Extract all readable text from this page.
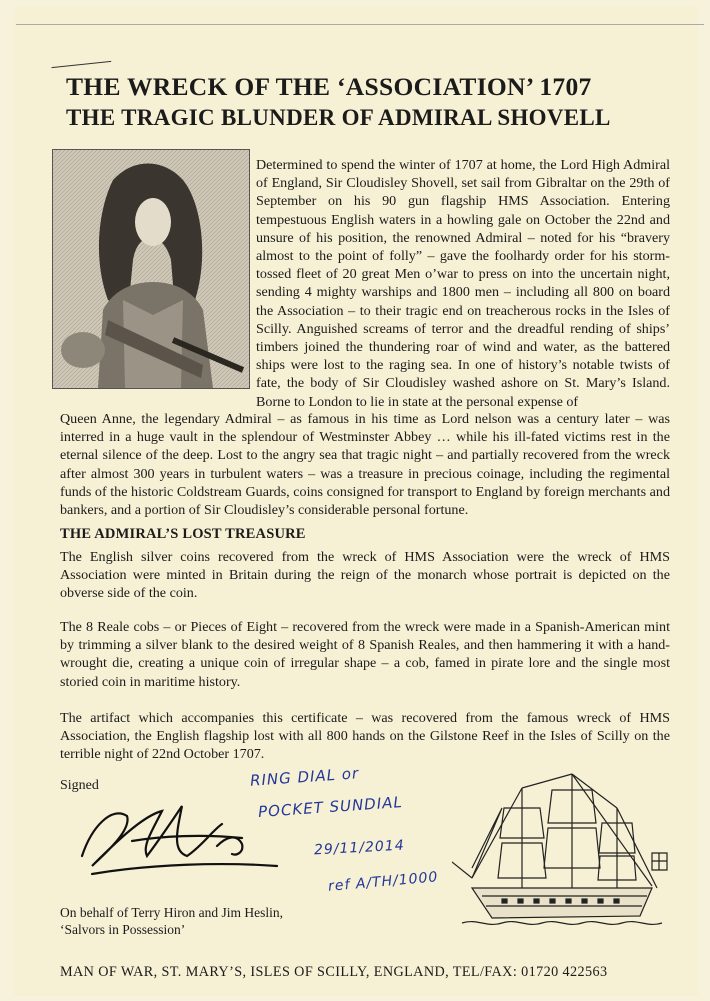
THE WRECK OF THE ‘ASSOCIATION’ 1707
THE TRAGIC BLUNDER OF ADMIRAL SHOVELL
Determined to spend the winter of 1707 at home, the Lord High Admiral of England, Sir Cloudisley Shovell, set sail from Gibraltar on the 29th of September on his 90 gun flagship HMS Association. Entering tempestuous English waters in a howling gale on October the 22nd and unsure of his position, the renowned Admiral – noted for his “bravery almost to the point of folly” – gave the foolhardy order for his storm-tossed fleet of 20 great Men o’war to press on into the uncertain night, sending 4 mighty warships and 1800 men – including all 800 on board the Association – to their tragic end on treacherous rocks in the Isles of Scilly. Anguished screams of terror and the dreadful rending of ships’ timbers joined the thundering roar of wind and water, as the battered ships were lost to the raging sea. In one of history’s notable twists of fate, the body of Sir Cloudisley washed ashore on St. Mary’s Island. Borne to London to lie in state at the personal expense of
Queen Anne, the legendary Admiral – as famous in his time as Lord nelson was a century later – was interred in a huge vault in the splendour of Westminster Abbey … while his ill-fated victims rest in the eternal silence of the deep. Lost to the angry sea that tragic night – and partially recovered from the wreck after almost 300 years in turbulent waters – was a treasure in precious coinage, including the regimental funds of the historic Coldstream Guards, coins consigned for transport to England by foreign merchants and bankers, and a portion of Sir Cloudisley’s considerable personal fortune.
THE ADMIRAL’S LOST TREASURE
The English silver coins recovered from the wreck of HMS Association were the wreck of HMS Association were minted in Britain during the reign of the monarch whose portrait is depicted on the obverse side of the coin.
The 8 Reale cobs – or Pieces of Eight – recovered from the wreck were made in a Spanish-American mint by trimming a silver blank to the desired weight of 8 Spanish Reales, and then hammering it with a hand-wrought die, creating a unique coin of irregular shape – a cob, famed in pirate lore and the single most storied coin in maritime history.
The artifact which accompanies this certificate – was recovered from the famous wreck of HMS Association, the English flagship lost with all 800 hands on the Gilstone Reef in the Isles of Scilly on the terrible night of 22nd October 1707.
Signed
On behalf of Terry Hiron and Jim Heslin,
‘Salvors in Possession’
RING DIAL or
POCKET SUNDIAL
29/11/2014
ref A/TH/1000
MAN OF WAR, ST. MARY’S, ISLES OF SCILLY, ENGLAND, TEL/FAX: 01720 422563
